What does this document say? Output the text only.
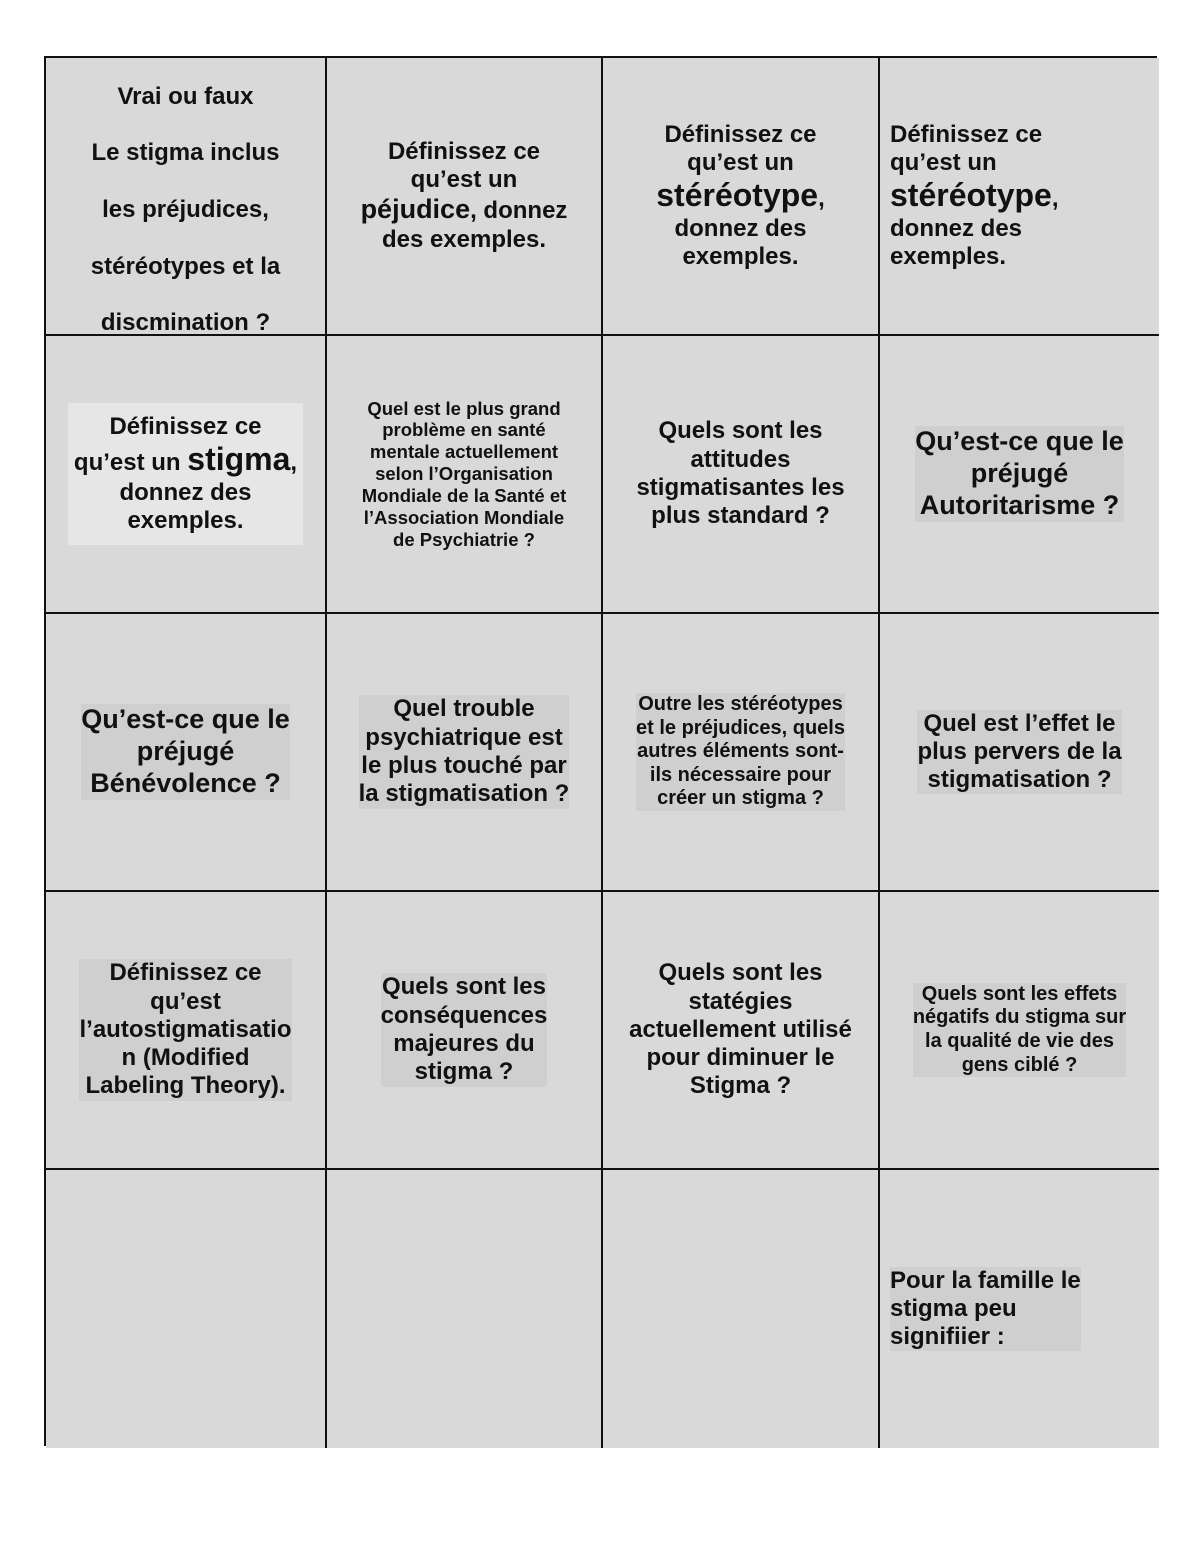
Vrai ou faux

Le stigma inclus

les préjudices,

stéréotypes et la

discmination ?

Définissez ce
qu’est un
péjudice, donnez
des exemples.
Définissez ce
qu’est un
stéréotype,
donnez des
exemples.
Définissez ce
qu’est un
stéréotype,
donnez des
exemples.
Définissez ce
qu’est un stigma,
donnez des
exemples.
Quel est le plus grand
problème en santé
mentale actuellement
selon l’Organisation
Mondiale de la Santé et
l’Association Mondiale
de Psychiatrie ?
Quels sont les
attitudes
stigmatisantes les
plus standard ?
Qu’est-ce que le
préjugé
Autoritarisme ?
Qu’est-ce que le
préjugé
Bénévolence ?
Quel trouble
psychiatrique est
le plus touché par
la stigmatisation ?
Outre les stéréotypes
et le préjudices, quels
autres éléments sont-
ils nécessaire pour
créer un stigma ?
Quel est l’effet le
plus pervers de la
stigmatisation ?
Définissez ce
qu’est
l’autostigmatisatio
n (Modified
Labeling Theory).
Quels sont les
conséquences
majeures du
stigma ?
Quels sont les
statégies
actuellement utilisé
pour diminuer le
Stigma ?
Quels sont les effets
négatifs du stigma sur
la qualité de vie des
gens ciblé ?
Pour la famille le
stigma peu
signifiier :
